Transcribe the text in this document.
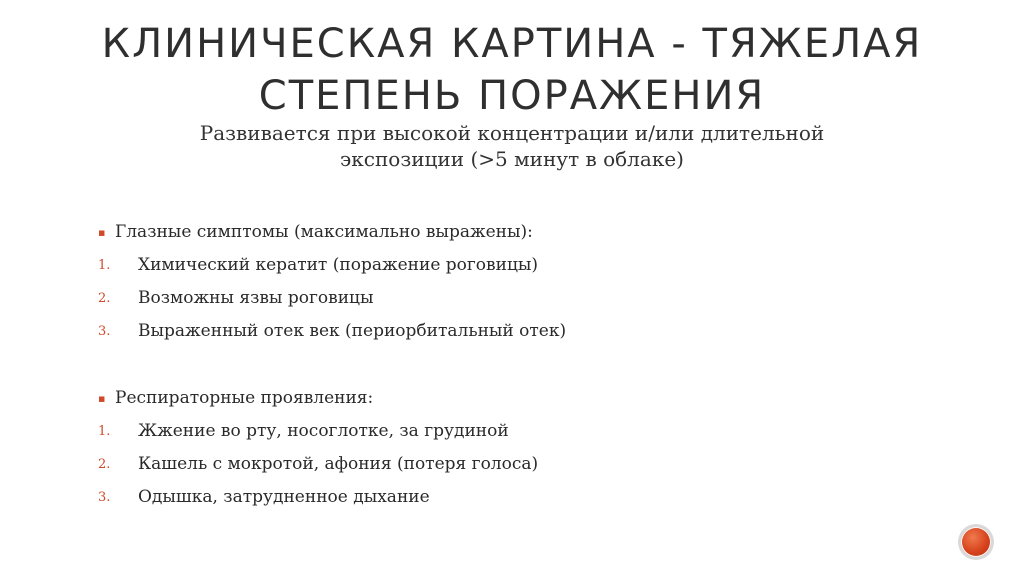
КЛИНИЧЕСКАЯ КАРТИНА - ТЯЖЕЛАЯ
СТЕПЕНЬ ПОРАЖЕНИЯ
Развивается при высокой концентрации и/или длительной
экспозиции (>5 минут в облаке)
▪ Глазные симптомы (максимально выражены):
1. Химический кератит (поражение роговицы)
2. Возможны язвы роговицы
3. Выраженный отек век (периорбитальный отек)
▪ Респираторные проявления:
1. Жжение во рту, носоглотке, за грудиной
2. Кашель с мокротой, афония (потеря голоса)
3. Одышка, затрудненное дыхание
